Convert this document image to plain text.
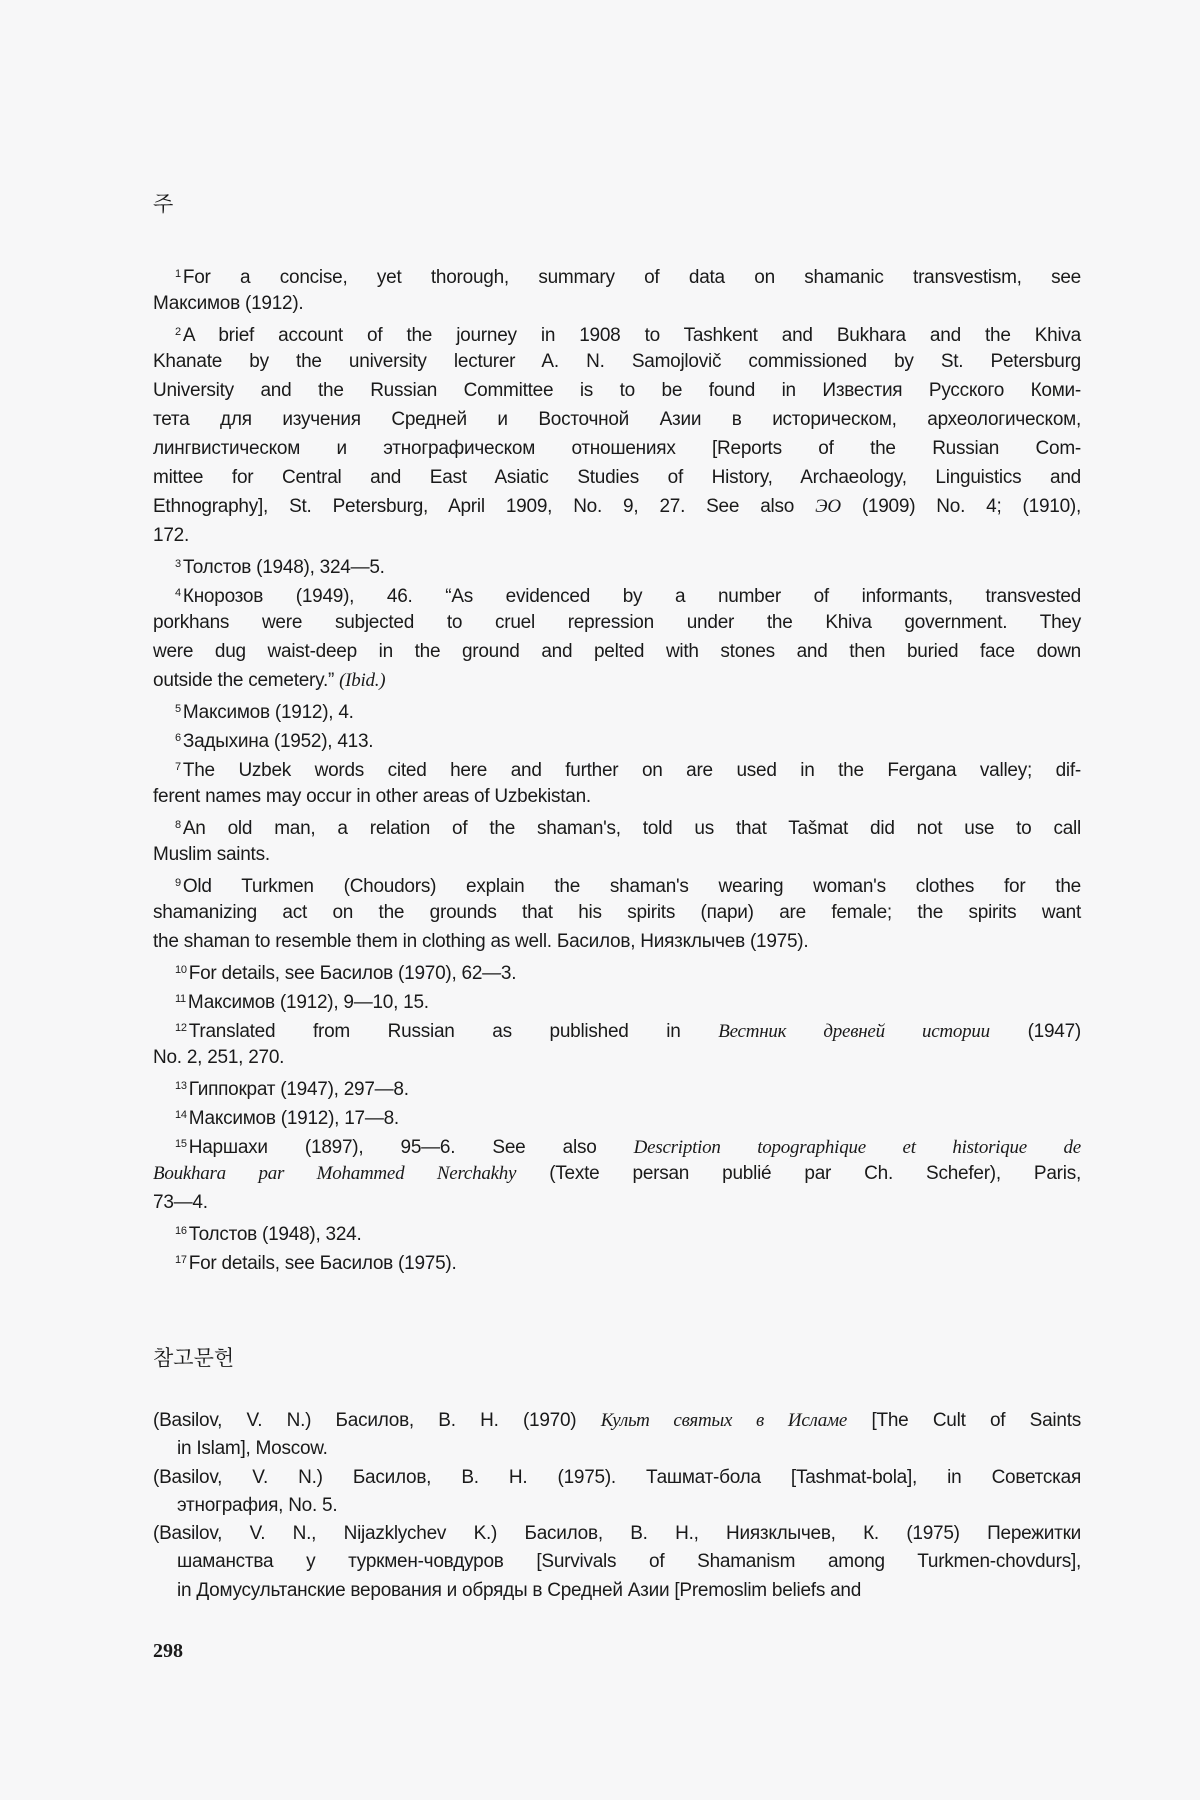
주
$^1$ For a concise, yet thorough, summary of data on shamanic transvestism, see
Максимов (1912).
$^2$ A brief account of the journey in 1908 to Tashkent and Bukhara and the Khiva
Khanate by the university lecturer A. N. Samojlovič commissioned by St. Petersburg
University and the Russian Committee is to be found in Известия Русского Коми-
тета для изучения Средней и Восточной Азии в историческом, археологическом,
лингвистическом и этнографическом отношениях [Reports of the Russian Com-
mittee for Central and East Asiatic Studies of History, Archaeology, Linguistics and
Ethnography], St. Petersburg, April 1909, No. 9, 27. See also ЭО (1909) No. 4; (1910),
172.
$^3$ Толстов (1948), 324—5.
$^4$ Кнорозов (1949), 46. “As evidenced by a number of informants, transvested
porkhans were subjected to cruel repression under the Khiva government. They
were dug waist-deep in the ground and pelted with stones and then buried face down
outside the cemetery.” (Ibid.)
$^5$ Максимов (1912), 4.
$^6$ Задыхина (1952), 413.
$^7$ The Uzbek words cited here and further on are used in the Fergana valley; dif-
ferent names may occur in other areas of Uzbekistan.
$^8$ An old man, a relation of the shaman's, told us that Tašmat did not use to call
Muslim saints.
$^9$ Old Turkmen (Choudors) explain the shaman's wearing woman's clothes for the
shamanizing act on the grounds that his spirits (пари) are female; the spirits want
the shaman to resemble them in clothing as well. Басилов, Ниязклычев (1975).
$^{10}$ For details, see Басилов (1970), 62—3.
$^{11}$ Максимов (1912), 9—10, 15.
$^{12}$ Translated from Russian as published in Вестник древней истории (1947)
No. 2, 251, 270.
$^{13}$ Гиппократ (1947), 297—8.
$^{14}$ Максимов (1912), 17—8.
$^{15}$ Наршахи (1897), 95—6. See also Description topographique et historique de
Boukhara par Mohammed Nerchakhy (Texte persan publié par Ch. Schefer), Paris,
73—4.
$^{16}$ Толстов (1948), 324.
$^{17}$ For details, see Басилов (1975).
참고문헌
(Basilov, V. N.) Басилов, В. Н. (1970) Культ святых в Исламе [The Cult of Saints
in Islam], Moscow.
(Basilov, V. N.) Басилов, В. Н. (1975). Ташмат-бола [Tashmat-bola], in Советская
этнография, No. 5.
(Basilov, V. N., Nijazklychev K.) Басилов, В. Н., Ниязклычев, К. (1975) Пережитки
шаманства у туркмен-човдуров [Survivals of Shamanism among Turkmen-chovdurs],
in Домусультанские верования и обряды в Средней Азии [Premoslim beliefs and
298
